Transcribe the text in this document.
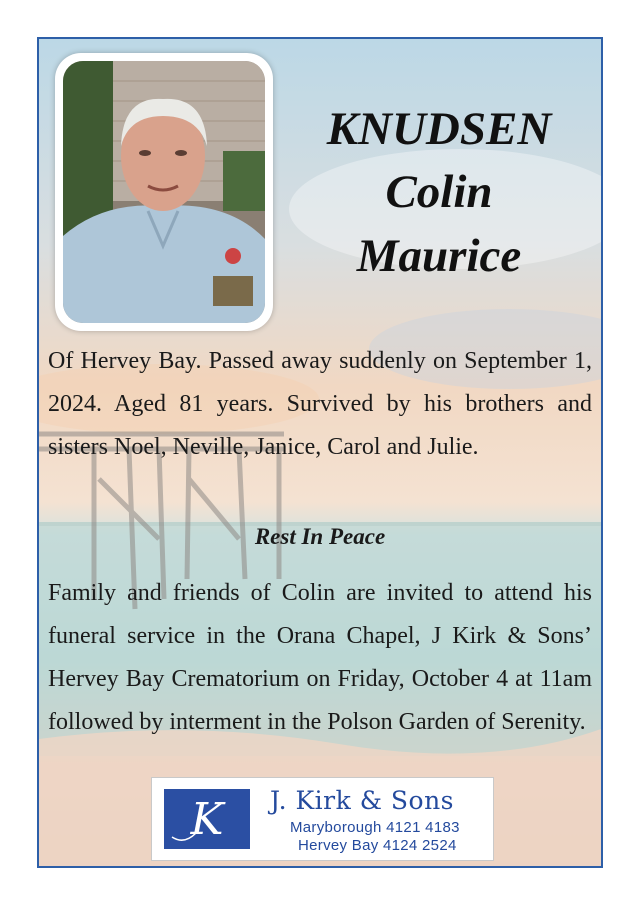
KNUDSEN
Colin
Maurice

Of Hervey Bay. Passed away suddenly on September 1, 2024. Aged 81 years. Survived by his brothers and sisters Noel, Neville, Janice, Carol and Julie.

Rest In Peace

Family and friends of Colin are invited to attend his funeral service in the Orana Chapel, J Kirk & Sons’ Hervey Bay Crematorium on Friday, October 4 at 11am followed by interment in the Polson Garden of Serenity.

K J. Kirk & Sons
Maryborough 4121 4183
Hervey Bay 4124 2524
